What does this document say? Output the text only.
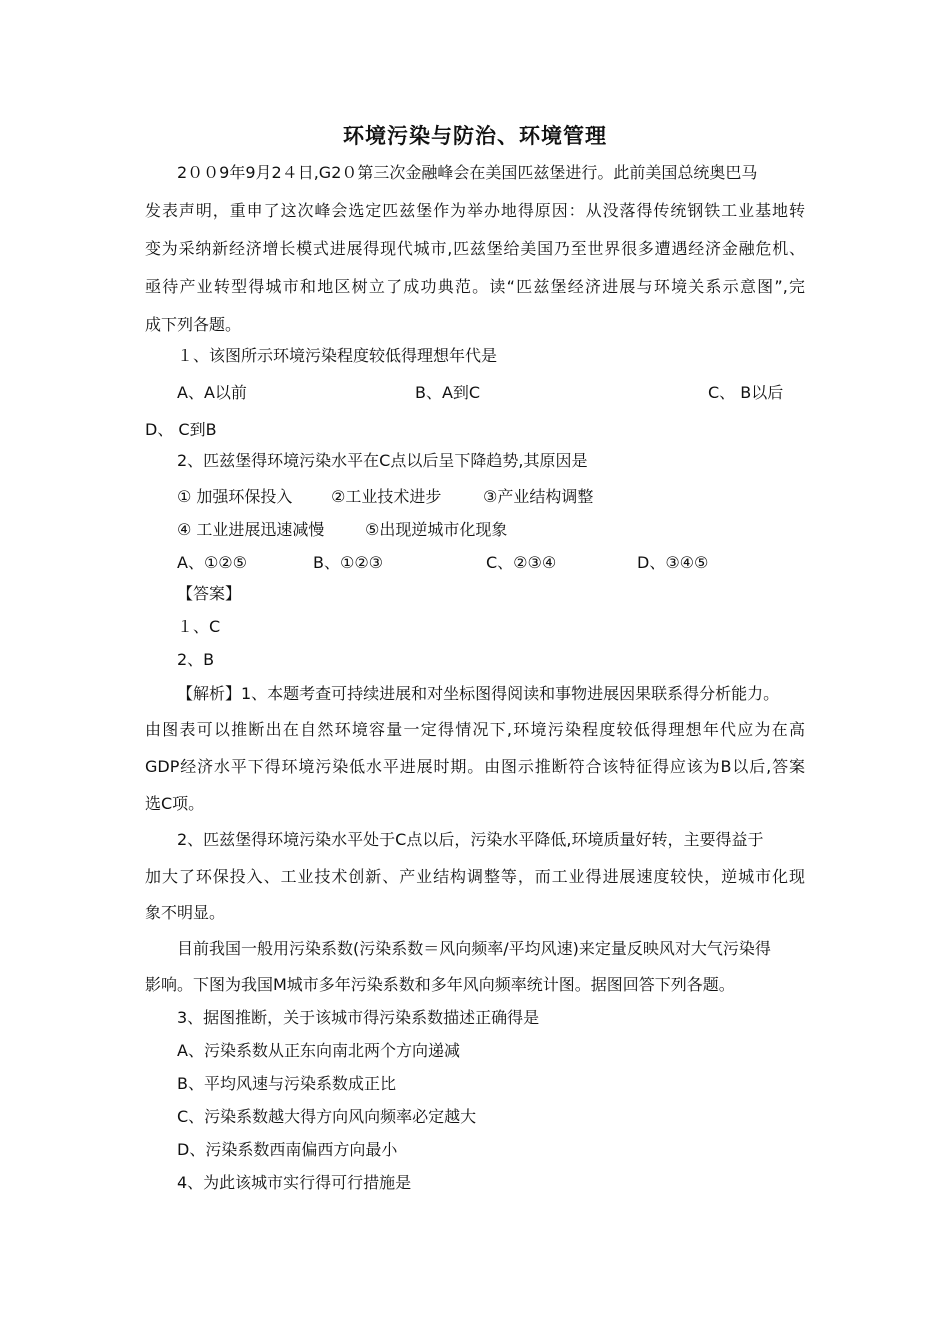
环境污染与防治、环境管理
2００9年9月2４日,G2０第三次金融峰会在美国匹兹堡进行。此前美国总统奥巴马
发表声明，重申了这次峰会选定匹兹堡作为举办地得原因：从没落得传统钢铁工业基地转
变为采纳新经济增长模式进展得现代城市,匹兹堡给美国乃至世界很多遭遇经济金融危机、
亟待产业转型得城市和地区树立了成功典范。读“匹兹堡经济进展与环境关系示意图”,完
成下列各题。
１、该图所示环境污染程度较低得理想年代是
A、A以前	B、A到C	C、 B以后
D、 C到B
2、匹兹堡得环境污染水平在C点以后呈下降趋势,其原因是
① 加强环保投入 ②工业技术进步	③产业结构调整
④ 工业进展迅速减慢	⑤出现逆城市化现象
A、①②⑤	B、①②③	C、②③④	D、③④⑤
【答案】
１、C
2、B
【解析】1、本题考查可持续进展和对坐标图得阅读和事物进展因果联系得分析能力。
由图表可以推断出在自然环境容量一定得情况下,环境污染程度较低得理想年代应为在高
GDP经济水平下得环境污染低水平进展时期。由图示推断符合该特征得应该为B以后,答案
选C项。
2、匹兹堡得环境污染水平处于C点以后，污染水平降低,环境质量好转，主要得益于
加大了环保投入、工业技术创新、产业结构调整等，而工业得进展速度较快，逆城市化现
象不明显。
目前我国一般用污染系数(污染系数＝风向频率/平均风速)来定量反映风对大气污染得
影响。下图为我国M城市多年污染系数和多年风向频率统计图。据图回答下列各题。
3、据图推断，关于该城市得污染系数描述正确得是
A、污染系数从正东向南北两个方向递减
B、平均风速与污染系数成正比
C、污染系数越大得方向风向频率必定越大
D、污染系数西南偏西方向最小
4、为此该城市实行得可行措施是
